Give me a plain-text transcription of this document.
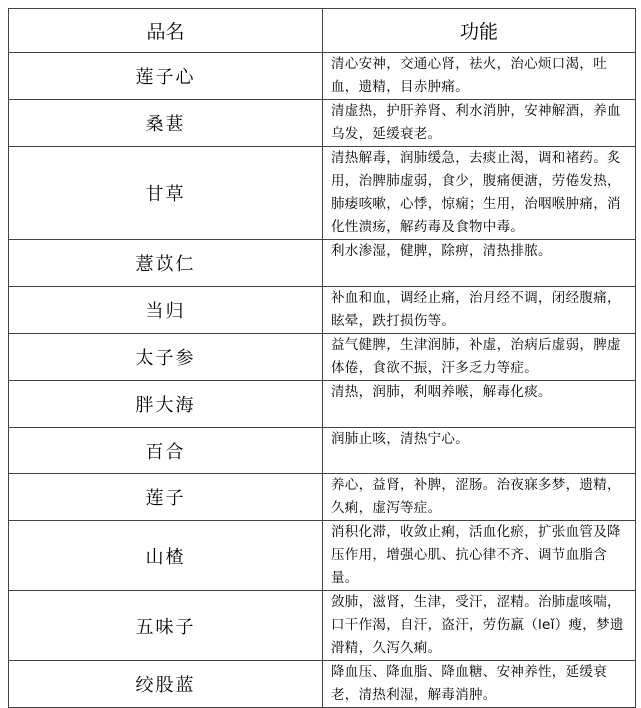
品名	功能
莲子心	清心安神，交通心肾，祛火，治心烦口渴，吐血，遗精，目赤肿痛。
桑葚	清虚热，护肝养肾、利水消肿，安神解酒，养血乌发，延缓衰老。
甘草	清热解毒，润肺缓急，去痰止渴，调和褚药。炙用，治脾肺虚弱，食少，腹痛便溏，劳倦发热，肺痿咳嗽，心悸，惊痫；生用，治咽喉肿痛，消化性溃疡，解药毒及食物中毒。
薏苡仁	利水渗湿，健脾，除痹，清热排脓。
当归	补血和血，调经止痛，治月经不调，闭经腹痛，眩晕，跌打损伤等。
太子参	益气健脾，生津润肺，补虚，治病后虚弱，脾虚体倦，食欲不振，汗多乏力等症。
胖大海	清热，润肺，利咽养喉，解毒化痰。
百合	润肺止咳，清热宁心。
莲子	养心，益肾，补脾，涩肠。治夜寐多梦，遗精，久痢，虚泻等症。
山楂	消积化滞，收敛止痢，活血化瘀，扩张血管及降压作用，增强心肌、抗心律不齐、调节血脂含量。
五味子	敛肺，滋肾，生津，受汗，涩精。治肺虚咳喘，口干作渴，自汗，盗汗，劳伤羸（leǐ）瘦，梦遗滑精，久泻久痢。
绞股蓝	降血压、降血脂、降血糖、安神养性，延缓衰老，清热利湿，解毒消肿。
